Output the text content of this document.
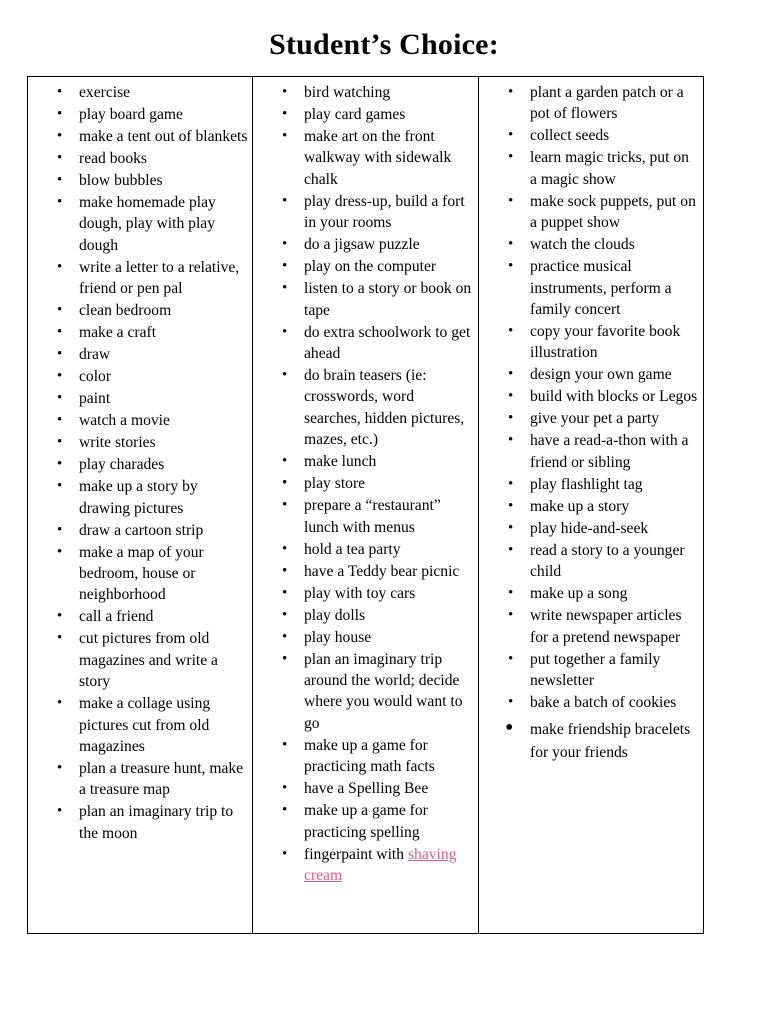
Student’s Choice:
• exercise
• play board game
• make a tent out of blankets
• read books
• blow bubbles
• make homemade play dough, play with play dough
• write a letter to a relative, friend or pen pal
• clean bedroom
• make a craft
• draw
• color
• paint
• watch a movie
• write stories
• play charades
• make up a story by drawing pictures
• draw a cartoon strip
• make a map of your bedroom, house or neighborhood
• call a friend
• cut pictures from old magazines and write a story
• make a collage using pictures cut from old magazines
• plan a treasure hunt, make a treasure map
• plan an imaginary trip to the moon
• bird watching
• play card games
• make art on the front walkway with sidewalk chalk
• play dress-up, build a fort in your rooms
• do a jigsaw puzzle
• play on the computer
• listen to a story or book on tape
• do extra schoolwork to get ahead
• do brain teasers (ie: crosswords, word searches, hidden pictures, mazes, etc.)
• make lunch
• play store
• prepare a “restaurant” lunch with menus
• hold a tea party
• have a Teddy bear picnic
• play with toy cars
• play dolls
• play house
• plan an imaginary trip around the world; decide where you would want to go
• make up a game for practicing math facts
• have a Spelling Bee
• make up a game for practicing spelling
• fingerpaint with shaving cream
• plant a garden patch or a pot of flowers
• collect seeds
• learn magic tricks, put on a magic show
• make sock puppets, put on a puppet show
• watch the clouds
• practice musical instruments, perform a family concert
• copy your favorite book illustration
• design your own game
• build with blocks or Legos
• give your pet a party
• have a read-a-thon with a friend or sibling
• play flashlight tag
• make up a story
• play hide-and-seek
• read a story to a younger child
• make up a song
• write newspaper articles for a pretend newspaper
• put together a family newsletter
• bake a batch of cookies
• make friendship bracelets for your friends
